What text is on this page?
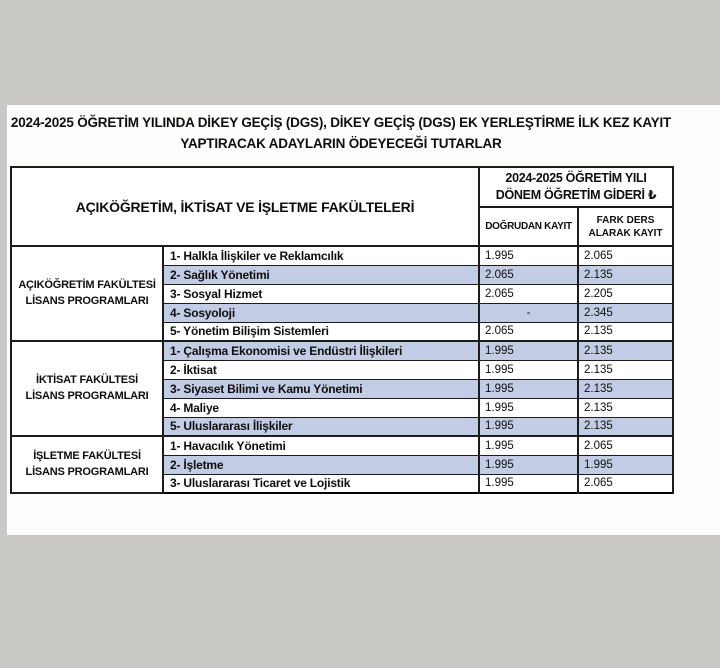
2024-2025 ÖĞRETİM YILINDA DİKEY GEÇİŞ (DGS), DİKEY GEÇİŞ (DGS) EK YERLEŞTİRME İLK KEZ KAYIT
YAPTIRACAK ADAYLARIN ÖDEYECEĞİ TUTARLAR
AÇIKÖĞRETİM, İKTİSAT VE İŞLETME FAKÜLTELERİ		2024-2025 ÖĞRETİM YILI DÖNEM ÖĞRETİM GİDERİ ₺	
		DOĞRUDAN KAYIT	FARK DERS ALARAK KAYIT
AÇIKÖĞRETİM FAKÜLTESİ LİSANS PROGRAMLARI	1- Halkla İlişkiler ve Reklamcılık	1.995	2.065
	2- Sağlık Yönetimi	2.065	2.135
	3- Sosyal Hizmet	2.065	2.205
	4- Sosyoloji	-	2.345
	5- Yönetim Bilişim Sistemleri	2.065	2.135
İKTİSAT FAKÜLTESİ LİSANS PROGRAMLARI	1- Çalışma Ekonomisi ve Endüstri İlişkileri	1.995	2.135
	2- İktisat	1.995	2.135
	3- Siyaset Bilimi ve Kamu Yönetimi	1.995	2.135
	4- Maliye	1.995	2.135
	5- Uluslararası İlişkiler	1.995	2.135
İŞLETME FAKÜLTESİ LİSANS PROGRAMLARI	1- Havacılık Yönetimi	1.995	2.065
	2- İşletme	1.995	1.995
	3- Uluslararası Ticaret ve Lojistik	1.995	2.065
